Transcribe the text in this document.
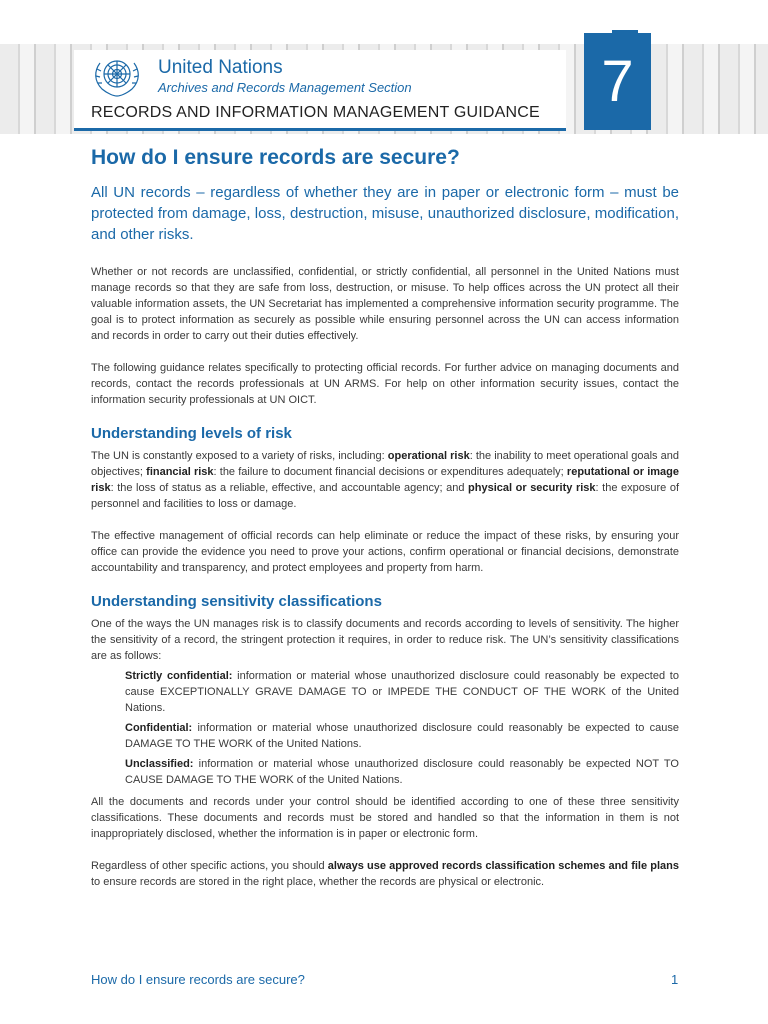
United Nations
Archives and Records Management Section
RECORDS AND INFORMATION MANAGEMENT GUIDANCE 7
How do I ensure records are secure?
All UN records – regardless of whether they are in paper or electronic form – must be protected from damage, loss, destruction, misuse, unauthorized disclosure, modification, and other risks.

Whether or not records are unclassified, confidential, or strictly confidential, all personnel in the United Nations must manage records so that they are safe from loss, destruction, or misuse. To help offices across the UN protect all their valuable information assets, the UN Secretariat has implemented a comprehensive information security programme. The goal is to protect information as securely as possible while ensuring personnel across the UN can access information and records in order to carry out their duties effectively.

The following guidance relates specifically to protecting official records. For further advice on managing documents and records, contact the records professionals at UN ARMS. For help on other information security issues, contact the information security professionals at UN OICT.

Understanding levels of risk

The UN is constantly exposed to a variety of risks, including: operational risk: the inability to meet operational goals and objectives; financial risk: the failure to document financial decisions or expenditures adequately; reputational or image risk: the loss of status as a reliable, effective, and accountable agency; and physical or security risk: the exposure of personnel and facilities to loss or damage.

The effective management of official records can help eliminate or reduce the impact of these risks, by ensuring your office can provide the evidence you need to prove your actions, confirm operational or financial decisions, demonstrate accountability and transparency, and protect employees and property from harm.

Understanding sensitivity classifications

One of the ways the UN manages risk is to classify documents and records according to levels of sensitivity. The higher the sensitivity of a record, the stringent protection it requires, in order to reduce risk. The UN’s sensitivity classifications are as follows:

Strictly confidential: information or material whose unauthorized disclosure could reasonably be expected to cause EXCEPTIONALLY GRAVE DAMAGE TO or IMPEDE THE CONDUCT OF THE WORK of the United Nations.

Confidential: information or material whose unauthorized disclosure could reasonably be expected to cause DAMAGE TO THE WORK of the United Nations.

Unclassified: information or material whose unauthorized disclosure could reasonably be expected NOT TO CAUSE DAMAGE TO THE WORK of the United Nations.

All the documents and records under your control should be identified according to one of these three sensitivity classifications. These documents and records must be stored and handled so that the information in them is not inappropriately disclosed, whether the information is in paper or electronic form.

Regardless of other specific actions, you should always use approved records classification schemes and file plans to ensure records are stored in the right place, whether the records are physical or electronic.

How do I ensure records are secure?	1
